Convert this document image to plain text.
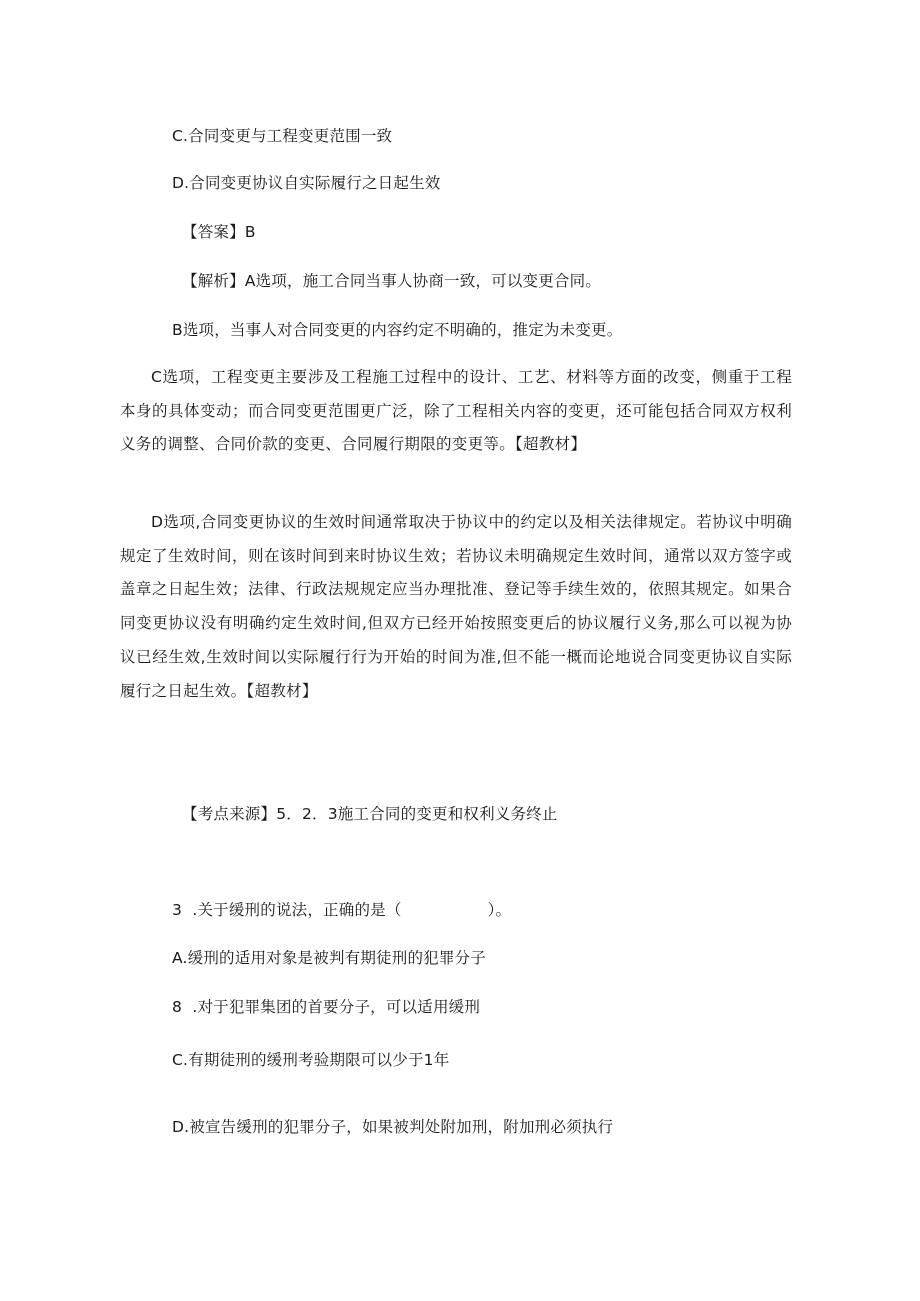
C.合同变更与工程变更范围一致
D.合同变更协议自实际履行之日起生效
【答案】B
【解析】A选项，施工合同当事人协商一致，可以变更合同。
B选项，当事人对合同变更的内容约定不明确的，推定为未变更。
C选项，工程变更主要涉及工程施工过程中的设计、工艺、材料等方面的改变，侧重于工程本身的具体变动；而合同变更范围更广泛，除了工程相关内容的变更，还可能包括合同双方权利义务的调整、合同价款的变更、合同履行期限的变更等。【超教材】
D选项,合同变更协议的生效时间通常取决于协议中的约定以及相关法律规定。若协议中明确规定了生效时间，则在该时间到来时协议生效；若协议未明确规定生效时间，通常以双方签字或盖章之日起生效；法律、行政法规规定应当办理批准、登记等手续生效的，依照其规定。如果合同变更协议没有明确约定生效时间,但双方已经开始按照变更后的协议履行义务,那么可以视为协议已经生效,生效时间以实际履行行为开始的时间为准,但不能一概而论地说合同变更协议自实际履行之日起生效。【超教材】
【考点来源】5．2．3施工合同的变更和权利义务终止
3 .关于缓刑的说法，正确的是（	）。
A.缓刑的适用对象是被判有期徒刑的犯罪分子
8 .对于犯罪集团的首要分子，可以适用缓刑
C.有期徒刑的缓刑考验期限可以少于1年
D.被宣告缓刑的犯罪分子，如果被判处附加刑，附加刑必须执行
